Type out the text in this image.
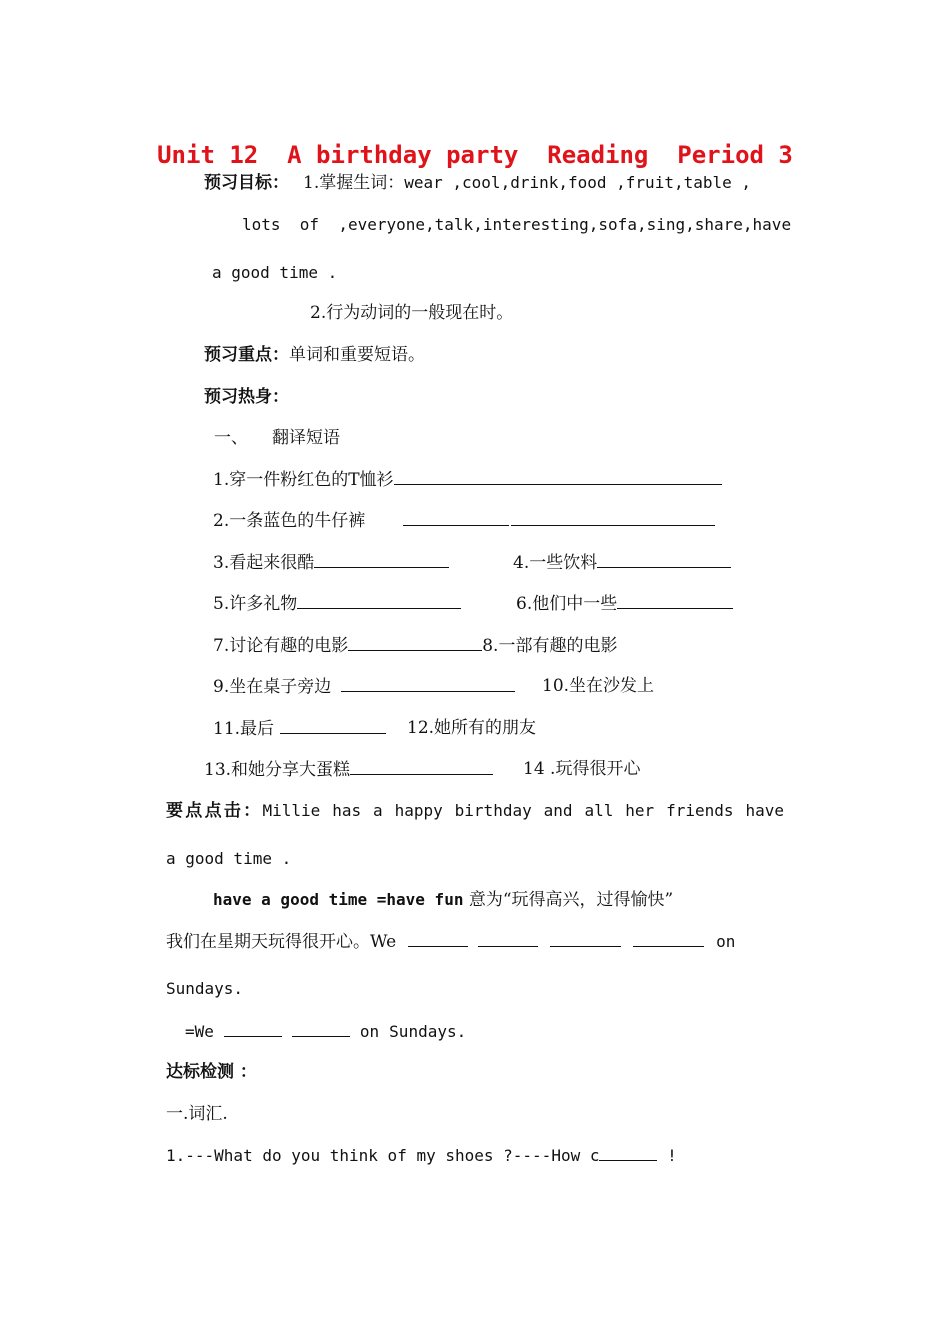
Unit 12  A birthday party  Reading  Period 3
预习目标： 1.掌握生词：wear ,cool,drink,food ,fruit,table ,
lots  of  ,everyone,talk,interesting,sofa,sing,share,have
a good time .
2.行为动词的一般现在时。
预习重点：单词和重要短语。
预习热身：
一、 翻译短语
1.穿一件粉红色的T恤衫
2.一条蓝色的牛仔裤
3.看起来很酷	4.一些饮料
5.许多礼物	6.他们中一些
7.讨论有趣的电影	8.一部有趣的电影
9.坐在桌子旁边	10.坐在沙发上
11.最后	12.她所有的朋友
13.和她分享大蛋糕	14 .玩得很开心
要点点击：Millie has a happy birthday and all her friends have
a good time .
have a good time =have fun 意为“玩得高兴，过得愉快”
我们在星期天玩得很开心。We	on
Sundays.
=We	on Sundays.
达标检测 ：
一.词汇.
1.---What do you think of my shoes ?----How c	!
